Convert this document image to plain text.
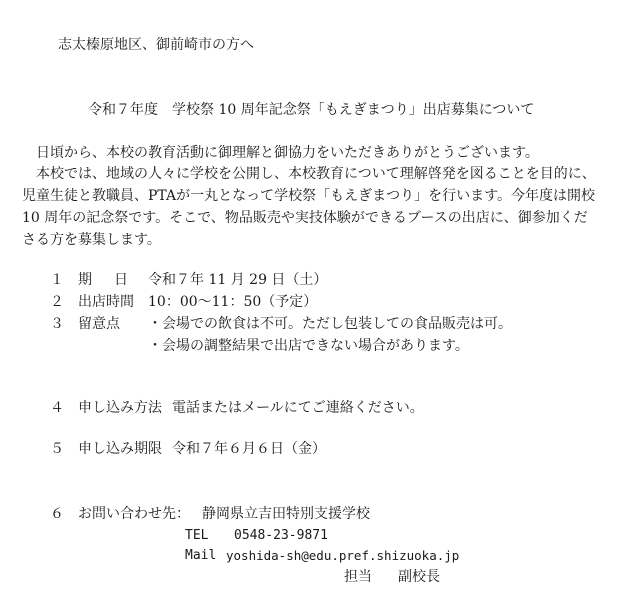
志太榛原地区、御前崎市の方へ
令和７年度　学校祭 10 周年記念祭「もえぎまつり」出店募集について
　日頃から、本校の教育活動に御理解と御協力をいただきありがとうございます。
　本校では、地域の人々に学校を公開し、本校教育について理解啓発を図ることを目的に、
児童生徒と教職員、PTAが一丸となって学校祭「もえぎまつり」を行います。今年度は開校
10 周年の記念祭です。そこで、物品販売や実技体験ができるブースの出店に、御参加くだ
さる方を募集します。
１ 期　日 令和７年 11 月 29 日（土）
２ 出店時間 10：00〜11：50（予定）
３ 留意点 ・会場での飲食は不可。ただし包装しての食品販売は可。
・会場の調整結果で出店できない場合があります。
４ 申し込み方法 電話またはメールにてご連絡ください。
５ 申し込み期限 令和７年６月６日（金）
６ お問い合わせ先： 静岡県立吉田特別支援学校
TEL 0548-23-9871
Mail yoshida-sh@edu.pref.shizuoka.jp
担当 副校長
